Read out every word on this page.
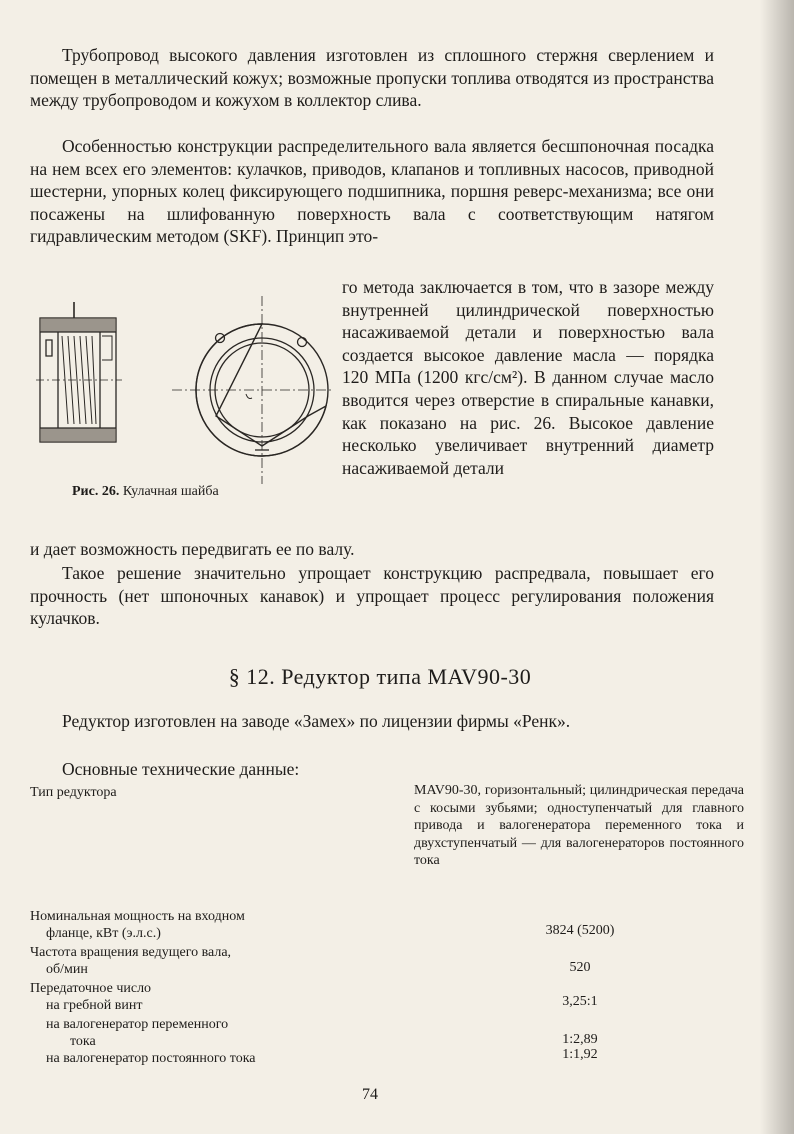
Трубопровод высокого давления изготовлен из сплошного стержня сверлением и помещен в металлический кожух; возможные пропуски топлива отводятся из пространства между трубопроводом и кожухом в коллектор слива.

Особенностью конструкции распределительного вала является бесшпоночная посадка на нем всех его элементов: кулачков, приводов, клапанов и топливных насосов, приводной шестерни, упорных колец фиксирующего подшипника, поршня реверс-механизма; все они посажены на шлифованную поверхность вала с соответствующим натягом гидравлическим методом (SKF). Принцип это-

Рис. 26. Кулачная шайба

го метода заключается в том, что в зазоре между внутренней цилиндрической поверхностью насаживаемой детали и поверхностью вала создается высокое давление масла — порядка 120 МПа (1200 кгс/см²). В данном случае масло вводится через отверстие в спиральные канавки, как показано на рис. 26. Высокое давление несколько увеличивает внутренний диаметр насаживаемой детали

и дает возможность передвигать ее по валу.

Такое решение значительно упрощает конструкцию распредвала, повышает его прочность (нет шпоночных канавок) и упрощает процесс регулирования положения кулачков.

§ 12. Редуктор типа MAV90-30

Редуктор изготовлен на заводе «Замех» по лицензии фирмы «Ренк».

Основные технические данные:

Тип редуктора	MAV90-30, горизонтальный; цилиндрическая передача с косыми зубьями; одноступенчатый для главного привода и валогенератора переменного тока и двухступенчатый — для валогенераторов постоянного тока
Номинальная мощность на входном
фланце, кВт (э.л.с.)	3824 (5200)
Частота вращения ведущего вала,
об/мин	520
Передаточное число
на гребной винт	3,25:1
на валогенератор переменного
тока	1:2,89
на валогенератор постоянного тока	1:1,92
74
